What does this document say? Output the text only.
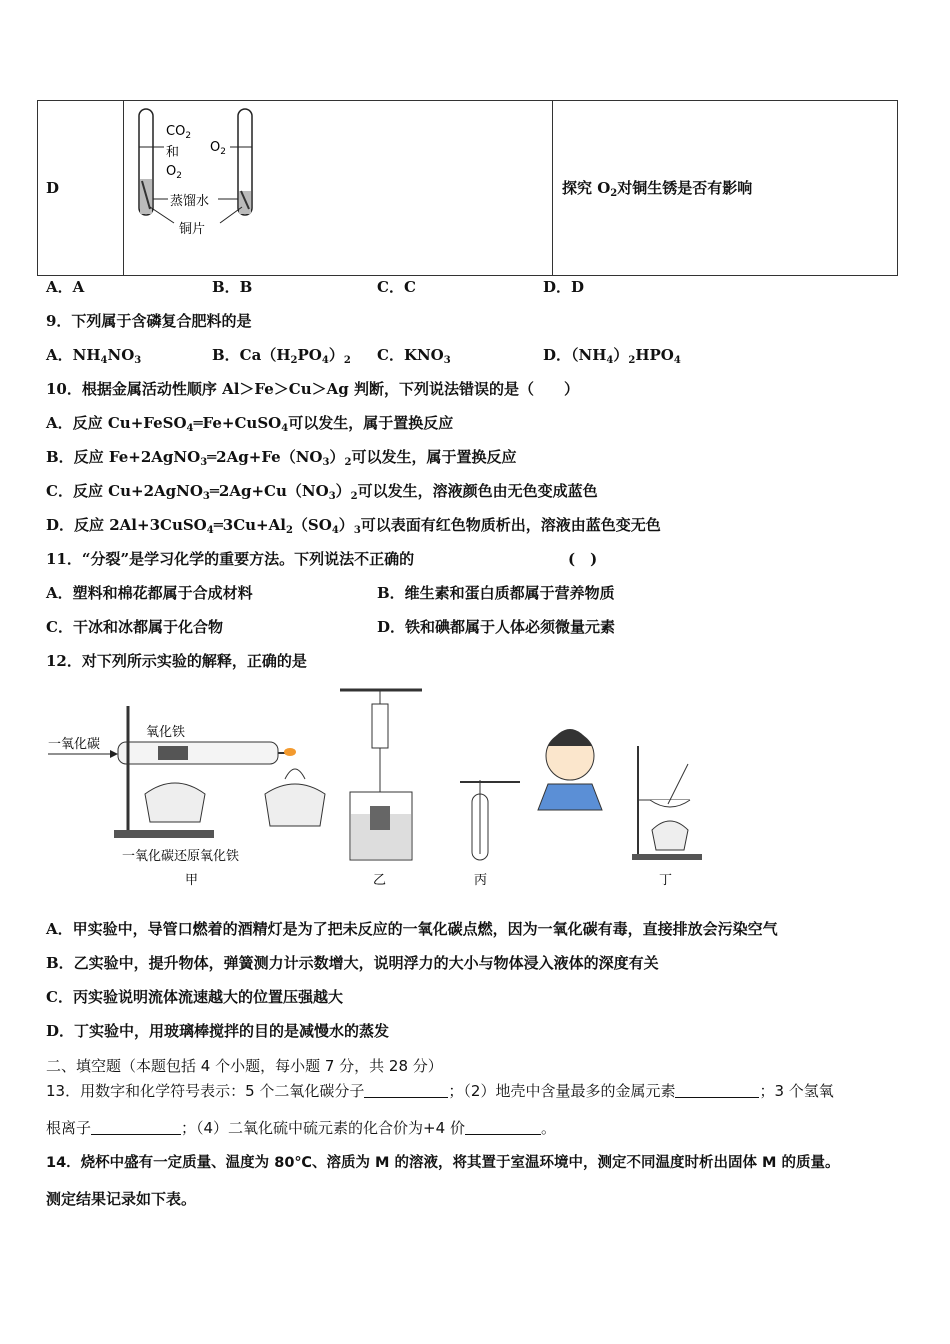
D	
$CO_2$
和
$O_2$
$O_2$
蒸馏水
铜片
	探究 $O_2$对铜生锈是否有影响
A．A	B．B	C．C	D．D
9．下列属于含磷复合肥料的是
A．$NH_4NO_3$	B．$Ca(H_2PO_4)_2$ C．$KNO_3$	D．$(NH_4)_2HPO_4$
10．根据金属活动性顺序 Al＞Fe＞Cu＞Ag 判断，下列说法错误的是（　　）
A．反应 Cu+FeSO$_4$═Fe+CuSO$_4$可以发生，属于置换反应
B．反应 $Fe+2AgNO_3═2Ag+Fe(NO_3)_2$可以发生，属于置换反应
C．反应 $Cu+2AgNO_3═2Ag+Cu(NO_3)_2$可以发生，溶液颜色由无色变成蓝色
D．反应 $2Al+3CuSO_4═3Cu+Al_2(SO_4)_3$可以表面有红色物质析出，溶液由蓝色变无色
11．“分裂”是学习化学的重要方法。下列说法不正确的	(　)
A．塑料和棉花都属于合成材料	B．维生素和蛋白质都属于营养物质
C．干冰和冰都属于化合物	D．铁和碘都属于人体必须微量元素
12．对下列所示实验的解释，正确的是
一氧化碳
氧化铁
一氧化碳还原氧化铁
甲	乙	丙	丁
A．甲实验中，导管口燃着的酒精灯是为了把未反应的一氧化碳点燃，因为一氧化碳有毒，直接排放会污染空气
B．乙实验中，提升物体，弹簧测力计示数增大，说明浮力的大小与物体浸入液体的深度有关
C．丙实验说明流体流速越大的位置压强越大
D．丁实验中，用玻璃棒搅拌的目的是减慢水的蒸发
二、填空题（本题包括 4 个小题，每小题 7 分，共 28 分）
13．用数字和化学符号表示：5 个二氧化碳分子	；（2）地壳中含量最多的金属元素	；3 个氢氧
根离子	；（4）二氧化硫中硫元素的化合价为+4 价	。
14．烧杯中盛有一定质量、温度为 80℃、溶质为 M 的溶液，将其置于室温环境中，测定不同温度时析出固体 M 的质量。
测定结果记录如下表。
